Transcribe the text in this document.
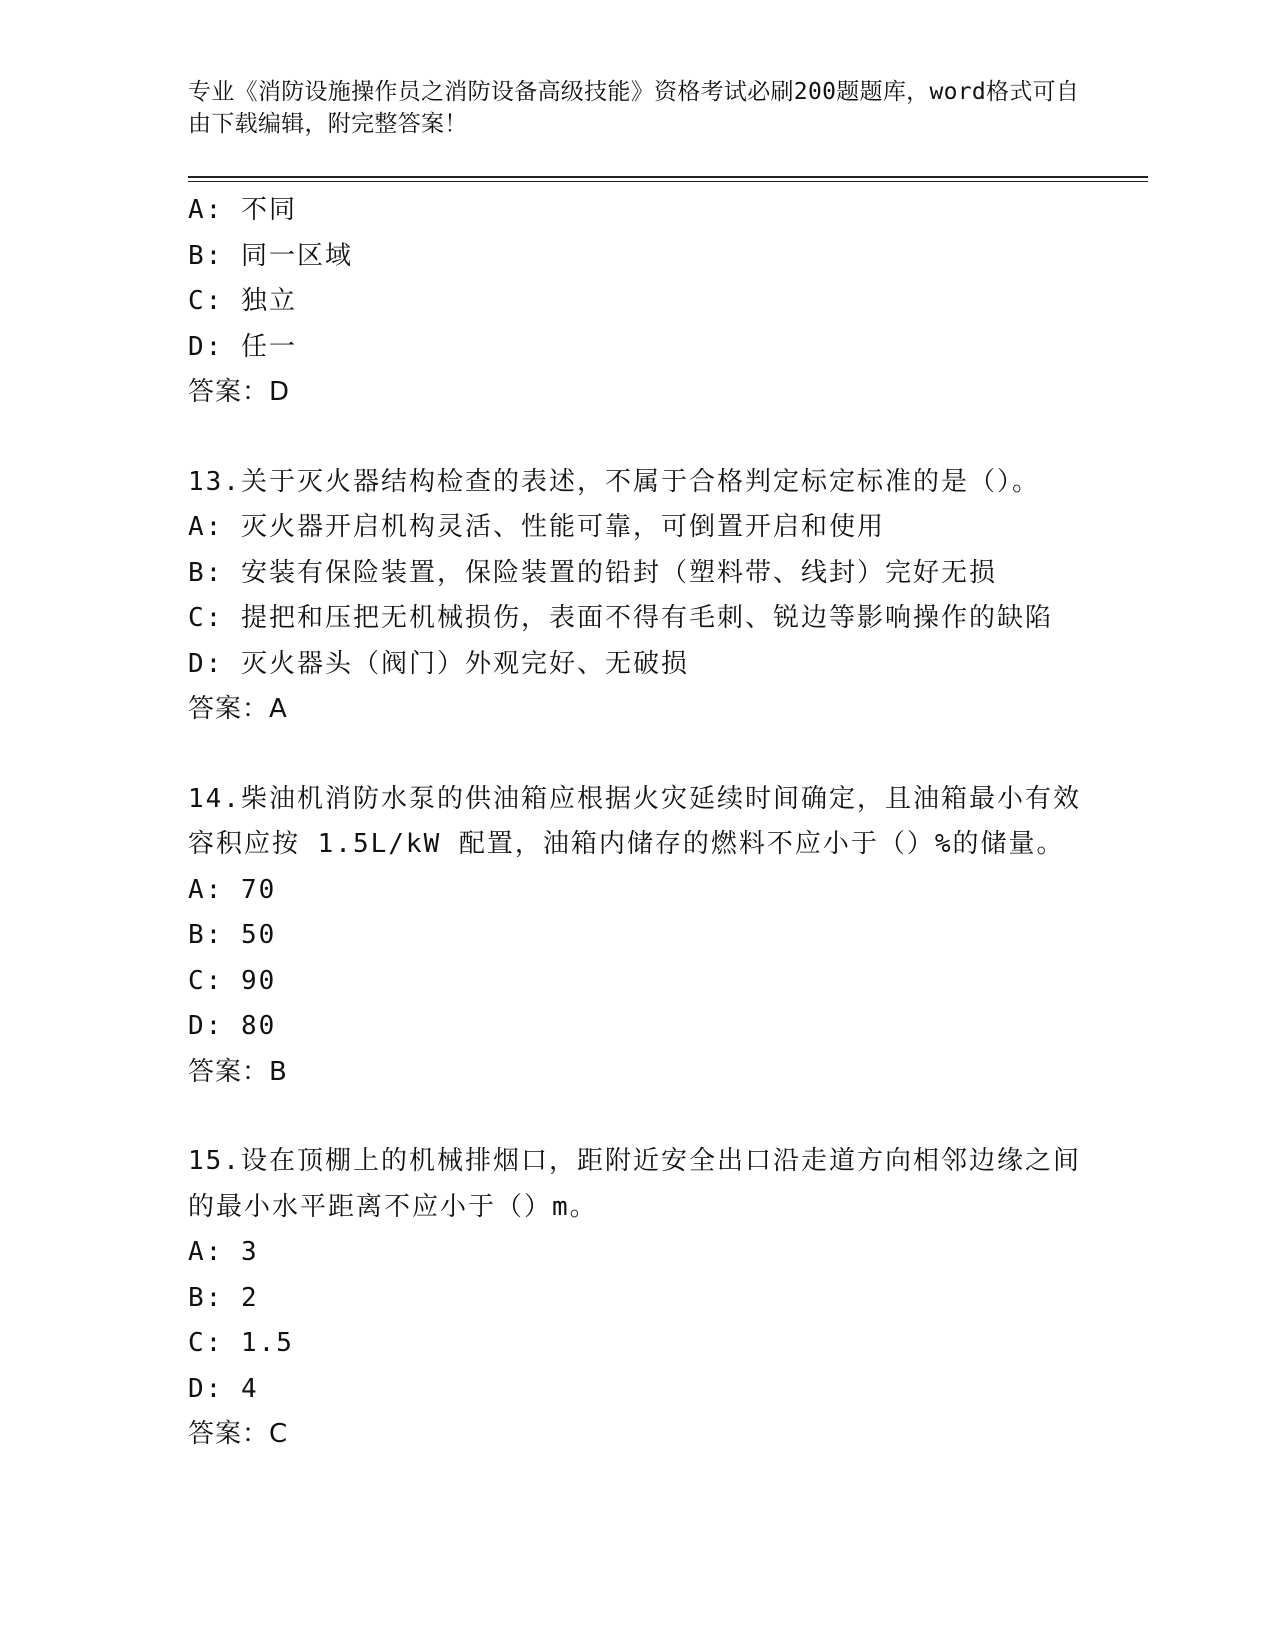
专业《消防设施操作员之消防设备高级技能》资格考试必刷200题题库，word格式可自由下载编辑，附完整答案！
A: 不同
B: 同一区域
C: 独立
D: 任一
答案：D
13.关于灭火器结构检查的表述，不属于合格判定标定标准的是（）。
A: 灭火器开启机构灵活、性能可靠，可倒置开启和使用
B: 安装有保险装置，保险装置的铅封（塑料带、线封）完好无损
C: 提把和压把无机械损伤，表面不得有毛刺、锐边等影响操作的缺陷
D: 灭火器头（阀门）外观完好、无破损
答案：A
14.柴油机消防水泵的供油箱应根据火灾延续时间确定，且油箱最小有效容积应按 1.5L/kW 配置，油箱内储存的燃料不应小于（）%的储量。
A: 70
B: 50
C: 90
D: 80
答案：B
15.设在顶棚上的机械排烟口，距附近安全出口沿走道方向相邻边缘之间的最小水平距离不应小于（）m。
A: 3
B: 2
C: 1.5
D: 4
答案：C
